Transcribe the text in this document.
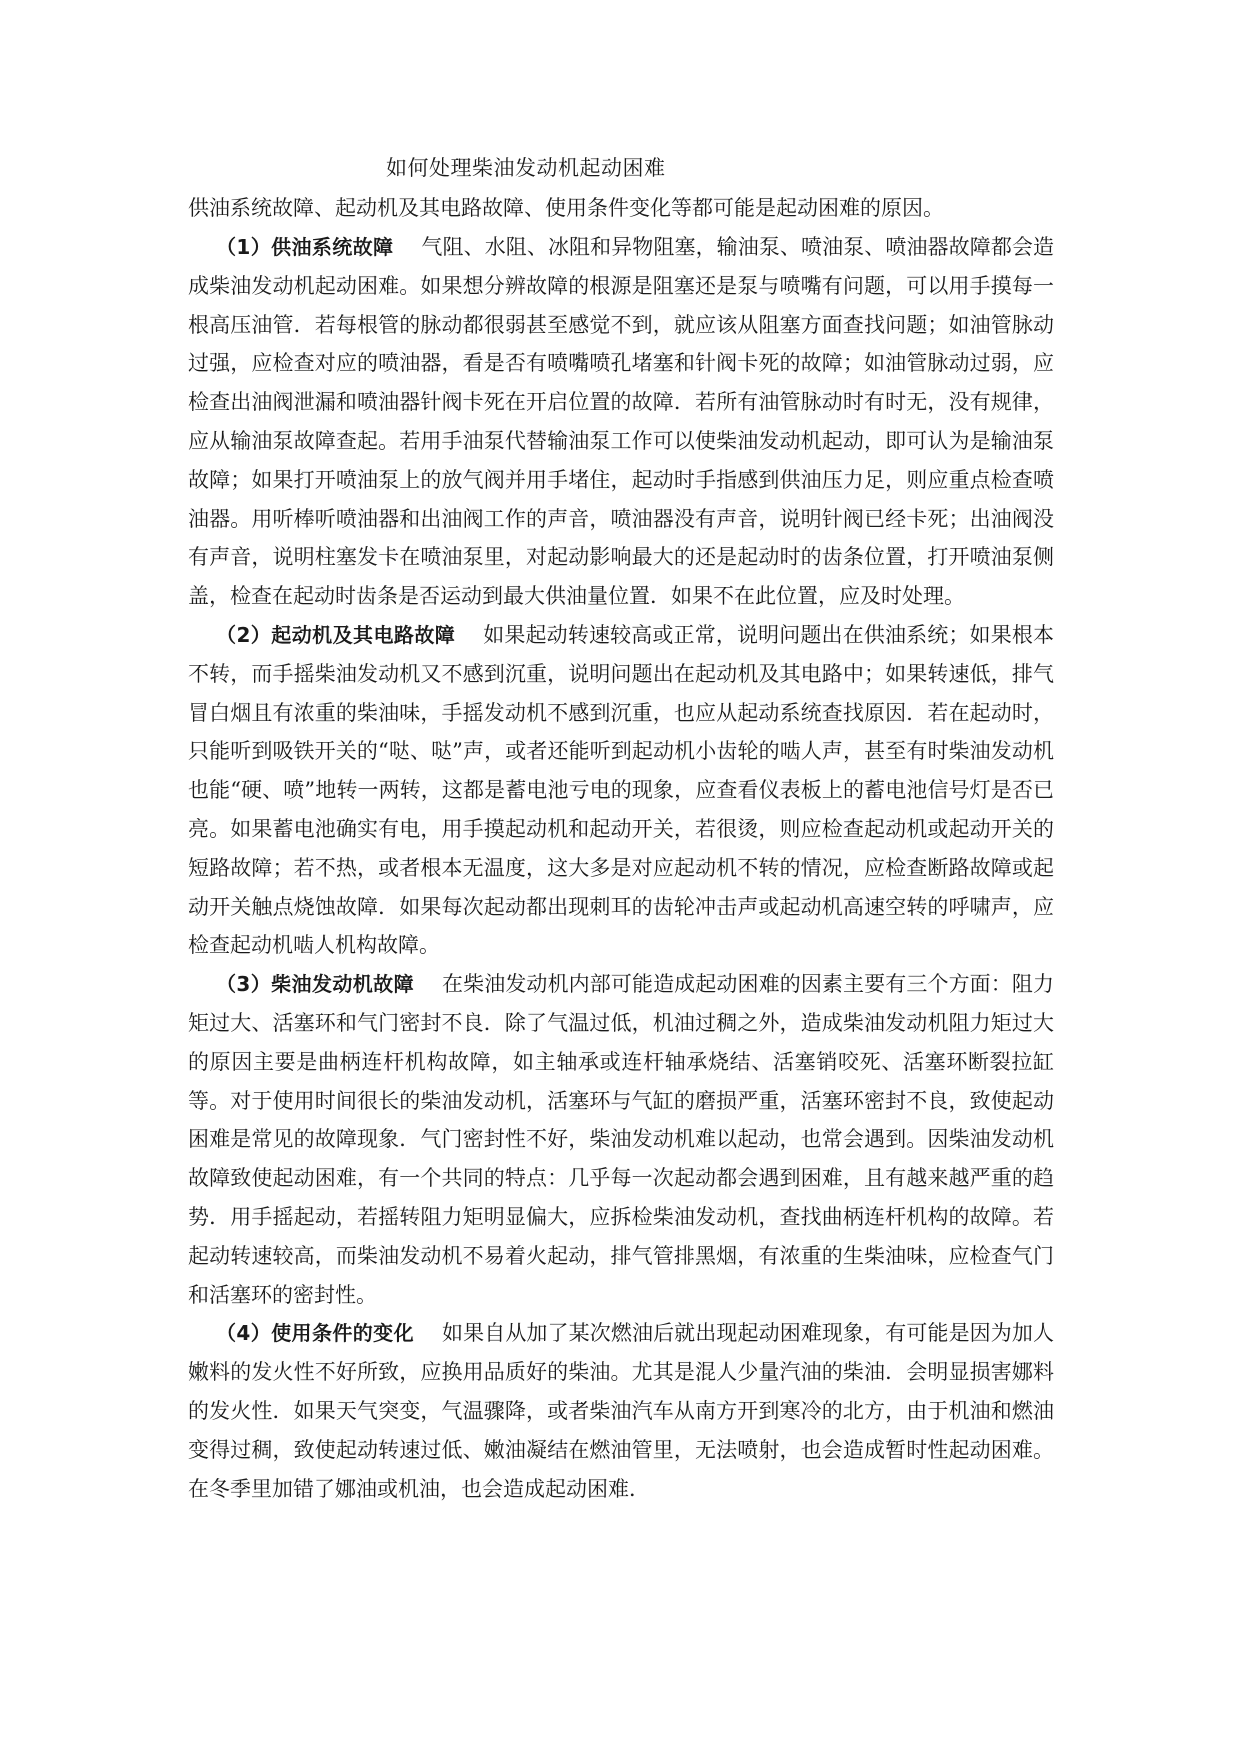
如何处理柴油发动机起动困难

供油系统故障、起动机及其电路故障、使用条件变化等都可能是起动困难的原因。

（1）供油系统故障 气阻、水阻、冰阻和异物阻塞，输油泵、喷油泵、喷油器故障都会造成柴油发动机起动困难。如果想分辨故障的根源是阻塞还是泵与喷嘴有问题，可以用手摸每一根高压油管．若每根管的脉动都很弱甚至感觉不到，就应该从阻塞方面查找问题；如油管脉动过强，应检查对应的喷油器，看是否有喷嘴喷孔堵塞和针阀卡死的故障；如油管脉动过弱，应检查出油阀泄漏和喷油器针阀卡死在开启位置的故障．若所有油管脉动时有时无，没有规律，应从输油泵故障查起。若用手油泵代替输油泵工作可以使柴油发动机起动，即可认为是输油泵故障；如果打开喷油泵上的放气阀并用手堵住，起动时手指感到供油压力足，则应重点检查喷油器。用听棒听喷油器和出油阀工作的声音，喷油器没有声音，说明针阀已经卡死；出油阀没有声音，说明柱塞发卡在喷油泵里，对起动影响最大的还是起动时的齿条位置，打开喷油泵侧盖，检查在起动时齿条是否运动到最大供油量位置．如果不在此位置，应及时处理。

（2）起动机及其电路故障 如果起动转速较高或正常，说明问题出在供油系统；如果根本不转，而手摇柴油发动机又不感到沉重，说明问题出在起动机及其电路中；如果转速低，排气冒白烟且有浓重的柴油味，手摇发动机不感到沉重，也应从起动系统查找原因．若在起动时，只能听到吸铁开关的“哒、哒”声，或者还能听到起动机小齿轮的啮人声，甚至有时柴油发动机也能“硬、喷”地转一两转，这都是蓄电池亏电的现象，应查看仪表板上的蓄电池信号灯是否已亮。如果蓄电池确实有电，用手摸起动机和起动开关，若很烫，则应检查起动机或起动开关的短路故障；若不热，或者根本无温度，这大多是对应起动机不转的情况，应检查断路故障或起动开关触点烧蚀故障．如果每次起动都出现刺耳的齿轮冲击声或起动机高速空转的呼啸声，应检查起动机啮人机构故障。

（3）柴油发动机故障 在柴油发动机内部可能造成起动困难的因素主要有三个方面：阻力矩过大、活塞环和气门密封不良．除了气温过低，机油过稠之外，造成柴油发动机阻力矩过大的原因主要是曲柄连杆机构故障，如主轴承或连杆轴承烧结、活塞销咬死、活塞环断裂拉缸等。对于使用时间很长的柴油发动机，活塞环与气缸的磨损严重，活塞环密封不良，致使起动困难是常见的故障现象．气门密封性不好，柴油发动机难以起动，也常会遇到。因柴油发动机故障致使起动困难，有一个共同的特点：几乎每一次起动都会遇到困难，且有越来越严重的趋势．用手摇起动，若摇转阻力矩明显偏大，应拆检柴油发动机，查找曲柄连杆机构的故障。若起动转速较高，而柴油发动机不易着火起动，排气管排黑烟，有浓重的生柴油味，应检查气门和活塞环的密封性。

（4）使用条件的变化 如果自从加了某次燃油后就出现起动困难现象，有可能是因为加人嫩料的发火性不好所致，应换用品质好的柴油。尤其是混人少量汽油的柴油．会明显损害娜料的发火性．如果天气突变，气温骤降，或者柴油汽车从南方开到寒冷的北方，由于机油和燃油变得过稠，致使起动转速过低、嫩油凝结在燃油管里，无法喷射，也会造成暂时性起动困难。在冬季里加错了娜油或机油，也会造成起动困难．
